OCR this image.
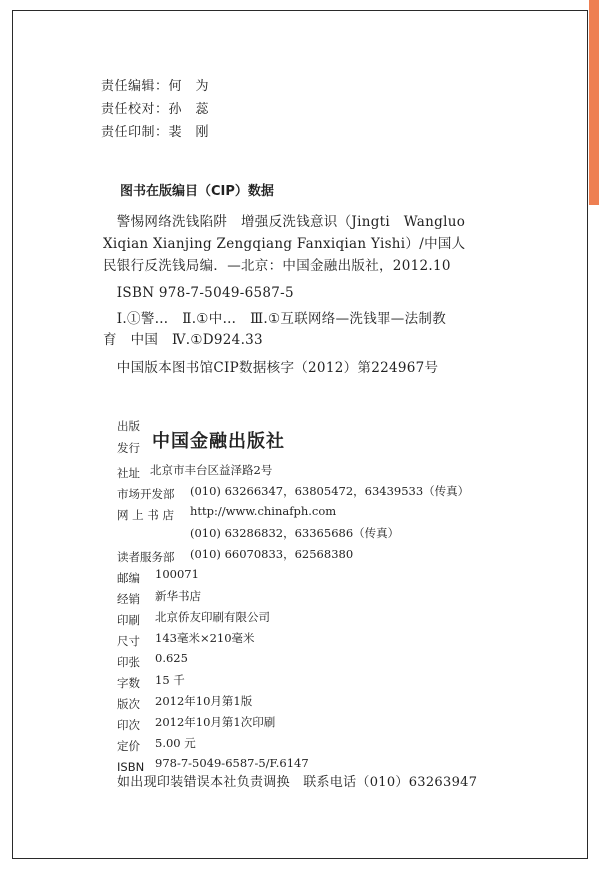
责任编辑：何　为
责任校对：孙　蕊
责任印制：裴　刚
图书在版编目（CIP）数据
　警惕网络洗钱陷阱　增强反洗钱意识（Jingti　Wangluo
Xiqian Xianjing Zengqiang Fanxiqian Yishi）/中国人
民银行反洗钱局编．—北京：中国金融出版社，2012.10
　ISBN 978-7-5049-6587-5
　Ⅰ.①警…　Ⅱ.①中…　Ⅲ.①互联网络—洗钱罪—法制教
育　中国　Ⅳ.①D924.33
　中国版本图书馆CIP数据核字（2012）第224967号
出版
发行 中国金融出版社
社址 北京市丰台区益泽路2号
市场开发部 (010) 63266347，63805472，63439533（传真）
网 上 书 店 http://www.chinafph.com
(010) 63286832，63365686（传真）
读者服务部 (010) 66070833，62568380
邮编 100071
经销 新华书店
印刷 北京侨友印刷有限公司
尺寸 143毫米×210毫米
印张 0.625
字数 15 千
版次 2012年10月第1版
印次 2012年10月第1次印刷
定价 5.00 元
ISBN 978-7-5049-6587-5/F.6147
如出现印装错误本社负责调换　联系电话（010）63263947
